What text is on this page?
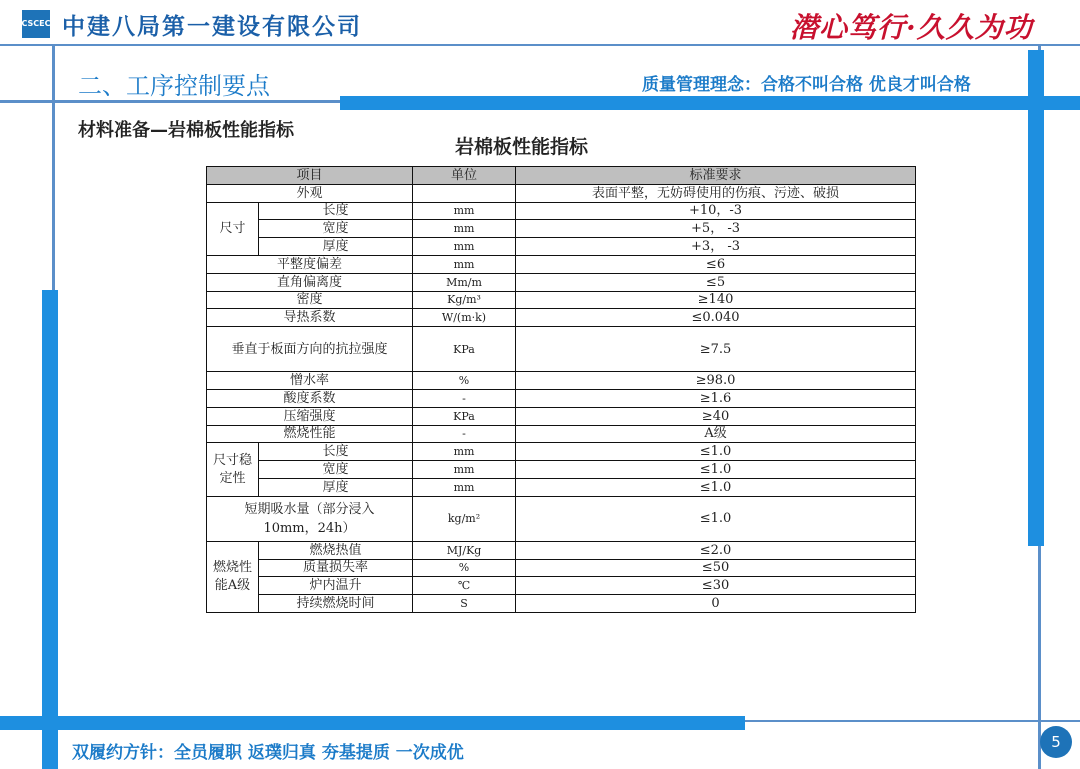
CSCEC 中建八局第一建设有限公司	潜心笃行·久久为功
二、工序控制要点	质量管理理念：合格不叫合格 优良才叫合格
材料准备—岩棉板性能指标
岩棉板性能指标
项目		单位	标准要求
外观			表面平整，无妨碍使用的伤痕、污迹、破损
尺寸	长度	mm	+10，-3
	宽度	mm	+5， -3
	厚度	mm	+3， -3
平整度偏差		mm	≤6
直角偏离度		Mm/m	≤5
密度		Kg/m³	≥140
导热系数		W/(m·k)	≤0.040
垂直于板面方向的抗拉强度		KPa	≥7.5
憎水率		%	≥98.0
酸度系数		-	≥1.6
压缩强度		KPa	≥40
燃烧性能		-	A级
尺寸稳定性	长度	mm	≤1.0
	宽度	mm	≤1.0
	厚度	mm	≤1.0
短期吸水量（部分浸入10mm，24h）		kg/m²	≤1.0
燃烧性能A级	燃烧热值	MJ/Kg	≤2.0
	质量损失率	%	≤50
	炉内温升	℃	≤30
	持续燃烧时间	S	0
双履约方针：全员履职 返璞归真 夯基提质 一次成优
5
